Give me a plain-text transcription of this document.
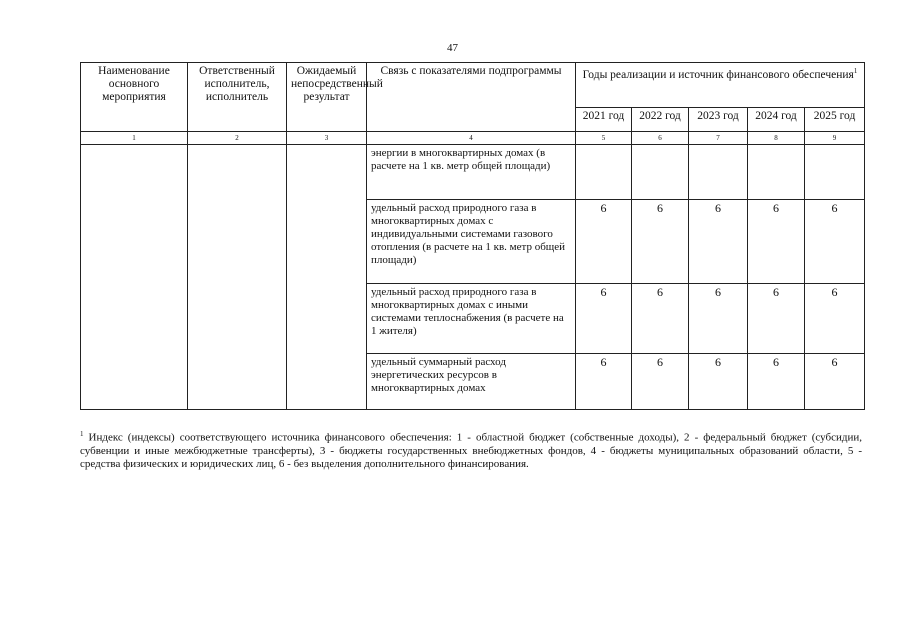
47
Наименование основного мероприятия	Ответственный исполнитель, исполнитель	Ожидаемый непосредственный результат	Связь с показателями подпрограммы	Годы реализации и источник финансового обеспечения$^1$
				2021 год	2022 год	2023 год	2024 год	2025 год
1	2	3	4	5	6	7	8	9
			энергии в многоквартирных домах (в расчете на 1 кв. метр общей площади)					
			удельный расход природного газа в многоквартирных домах с индивидуальными системами газового отопления (в расчете на 1 кв. метр общей площади)	6	6	6	6	6
			удельный расход природного газа в многоквартирных домах с иными системами теплоснабжения (в расчете на 1 жителя)	6	6	6	6	6
			удельный суммарный расход энергетических ресурсов в многоквартирных домах	6	6	6	6	6
$^1$ Индекс (индексы) соответствующего источника финансового обеспечения: 1 - областной бюджет (собственные доходы), 2 - федеральный бюджет (субсидии, субвенции и иные межбюджетные трансферты), 3 - бюджеты государственных внебюджетных фондов, 4 - бюджеты муниципальных образований области, 5 - средства физических и юридических лиц, 6 - без выделения дополнительного финансирования.
